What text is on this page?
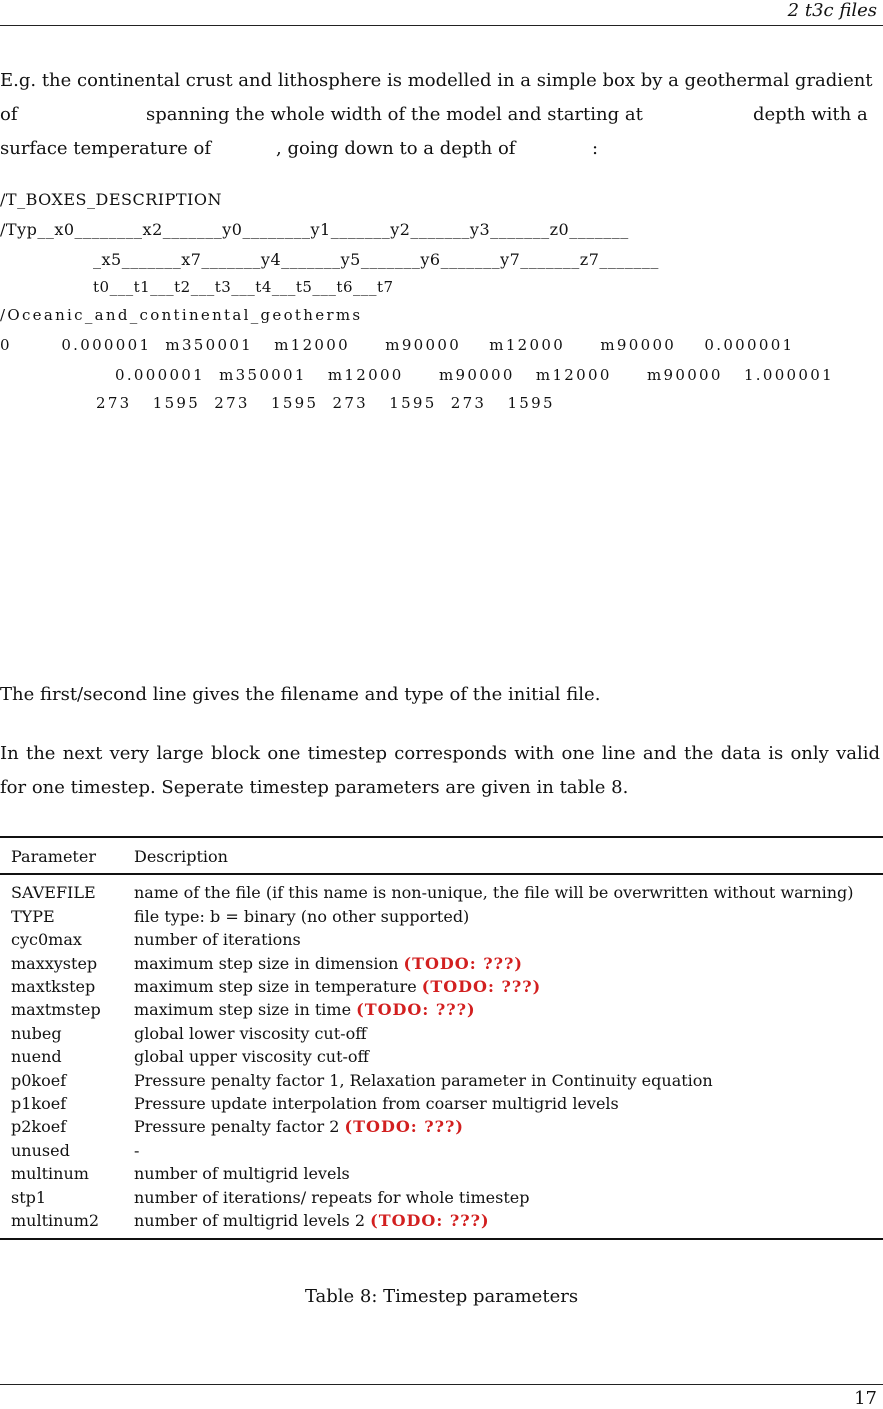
2 t3c files
E.g. the continental crust and lithosphere is modelled in a simple box by a geothermal gradient
of	spanning the whole width of the model and starting at	depth with a
surface temperature of	, going down to a depth of	:
/T_BOXES_DESCRIPTION
/Typ__x0________x2_______y0________y1_______y2_______y3_______z0_______
_x5_______x7_______y4_______y5_______y6_______y7_______z7_______
t0___t1___t2___t3___t4___t5___t6___t7
/Oceanic_and_continental_geotherms
0       0.000001  m350001   m12000     m90000    m12000     m90000    0.000001
0.000001  m350001   m12000     m90000   m12000     m90000   1.000001
273   1595  273   1595  273   1595  273   1595
The first/second line gives the filename and type of the initial file.
In the next very large block one timestep corresponds with one line and the data is only valid for one timestep. Seperate timestep parameters are given in table 8.
Parameter	Description
SAVEFILE	name of the file (if this name is non-unique, the file will be overwritten without warning)
TYPE	file type: b = binary (no other supported)
cyc0max	number of iterations
maxxystep	maximum step size in dimension (TODO: ???)
maxtkstep	maximum step size in temperature (TODO: ???)
maxtmstep	maximum step size in time (TODO: ???)
nubeg	global lower viscosity cut-off
nuend	global upper viscosity cut-off
p0koef	Pressure penalty factor 1, Relaxation parameter in Continuity equation
p1koef	Pressure update interpolation from coarser multigrid levels
p2koef	Pressure penalty factor 2 (TODO: ???)
unused	-
multinum	number of multigrid levels
stp1	number of iterations/ repeats for whole timestep
multinum2	number of multigrid levels 2 (TODO: ???)
Table 8: Timestep parameters
17
